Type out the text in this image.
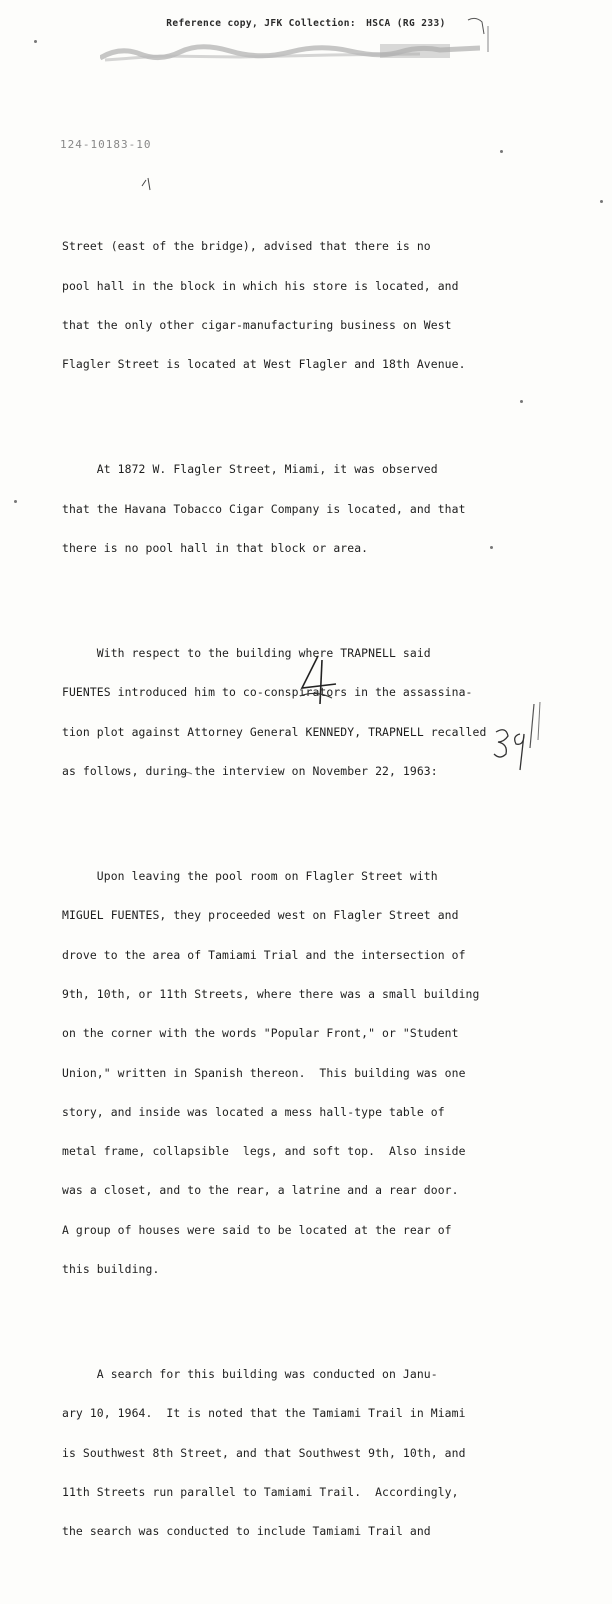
Reference copy, JFK Collection: HSCA (RG 233)
124-10183-10

Street (east of the bridge), advised that there is no

pool hall in the block in which his store is located, and

that the only other cigar-manufacturing business on West

Flagler Street is located at West Flagler and 18th Avenue.

At 1872 W. Flagler Street, Miami, it was observed

that the Havana Tobacco Cigar Company is located, and that

there is no pool hall in that block or area.

With respect to the building where TRAPNELL said

FUENTES introduced him to co-conspirators in the assassina-

tion plot against Attorney General KENNEDY, TRAPNELL recalled

as follows, during the interview on November 22, 1963:

Upon leaving the pool room on Flagler Street with

MIGUEL FUENTES, they proceeded west on Flagler Street and

drove to the area of Tamiami Trial and the intersection of

9th, 10th, or 11th Streets, where there was a small building

on the corner with the words "Popular Front," or "Student

Union," written in Spanish thereon.  This building was one

story, and inside was located a mess hall-type table of

metal frame, collapsible  legs, and soft top.  Also inside

was a closet, and to the rear, a latrine and a rear door.

A group of houses were said to be located at the rear of

this building.

A search for this building was conducted on Janu-

ary 10, 1964.  It is noted that the Tamiami Trail in Miami

is Southwest 8th Street, and that Southwest 9th, 10th, and

11th Streets run parallel to Tamiami Trail.  Accordingly,

the search was conducted to include Tamiami Trail and
